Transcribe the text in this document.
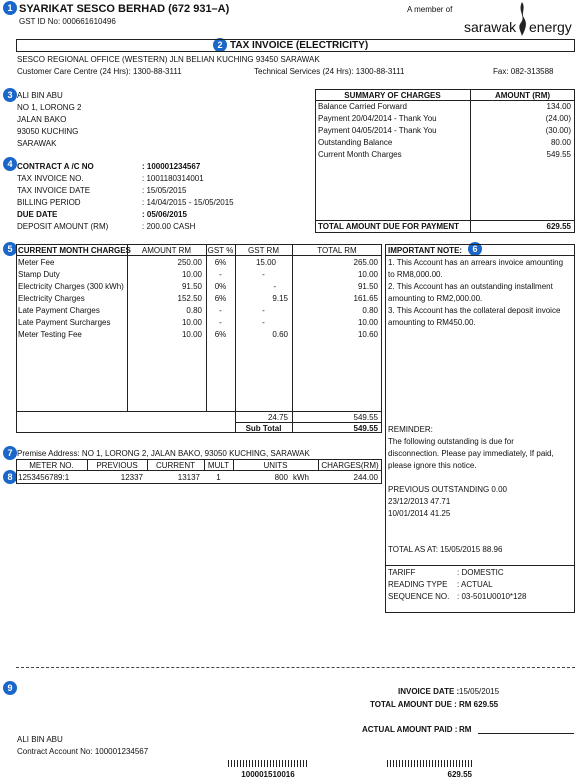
1
2
3
4
5	6
7
8
9
SYARIKAT SESCO BERHAD (672 931–A)
GST ID No: 000661610496
A member of
sarawak energy
TAX INVOICE (ELECTRICITY)
SESCO REGIONAL OFFICE (WESTERN) JLN BELIAN KUCHING 93450 SARAWAK
Customer Care Centre (24 Hrs): 1300-88-3111	Technical Services (24 Hrs): 1300-88-3111	Fax: 082-313588
ALI BIN ABU
NO 1, LORONG 2
JALAN BAKO
93050 KUCHING
SARAWAK
CONTRACT A /C NO	: 100001234567
TAX INVOICE NO.	: 1001180314001
TAX INVOICE DATE	: 15/05/2015
BILLING PERIOD	: 14/04/2015 - 15/05/2015
DUE DATE	: 05/06/2015
DEPOSIT AMOUNT (RM)	: 200.00 CASH
SUMMARY OF CHARGES	AMOUNT (RM)
Balance Carried Forward	134.00
Payment 20/04/2014 - Thank You	(24.00)
Payment 04/05/2014 - Thank You	(30.00)
Outstanding Balance	80.00
Current Month Charges	549.55
TOTAL AMOUNT DUE FOR PAYMENT	629.55
CURRENT MONTH CHARGES	AMOUNT RM	GST %	GST RM	TOTAL RM
Meter Fee	250.00	6%	15.00	265.00
Stamp Duty	10.00	-	-	10.00
Electricity Charges (300 kWh)	91.50	0%	-	91.50
Electricity Charges	152.50	6%	9.15	161.65
Late Payment Charges	0.80	-	-	0.80
Late Payment Surcharges	10.00	-	-	10.00
Meter Testing Fee	10.00	6%	0.60	10.60
24.75	549.55
Sub Total	549.55
IMPORTANT NOTE:
1. This Account has an arrears invoice amounting
to RM8,000.00.
2. This Account has an outstanding installment
amounting to RM2,000.00.
3. This Account has the collateral deposit invoice
amounting to RM450.00.
REMINDER:
The following outstanding is due for
disconnection. Please pay immediately, If paid,
please ignore this notice.
PREVIOUS OUTSTANDING 0.00
23/12/2013 47.71
10/01/2014 41.25
TOTAL AS AT: 15/05/2015 88.96
TARIFF	: DOMESTIC
READING TYPE : ACTUAL
SEQUENCE NO. : 03-501U0010*128
Premise Address: NO 1, LORONG 2, JALAN BAKO, 93050 KUCHING, SARAWAK
METER NO.	PREVIOUS	CURRENT	MULT	UNITS	CHARGES(RM)
1253456789:1	12337	13137	1	800 kWh	244.00
INVOICE DATE : 15/05/2015
TOTAL AMOUNT DUE : RM 629.55
ACTUAL AMOUNT PAID : RM
ALI BIN ABU
Contract Account No: 100001234567
100001510016	629.55
